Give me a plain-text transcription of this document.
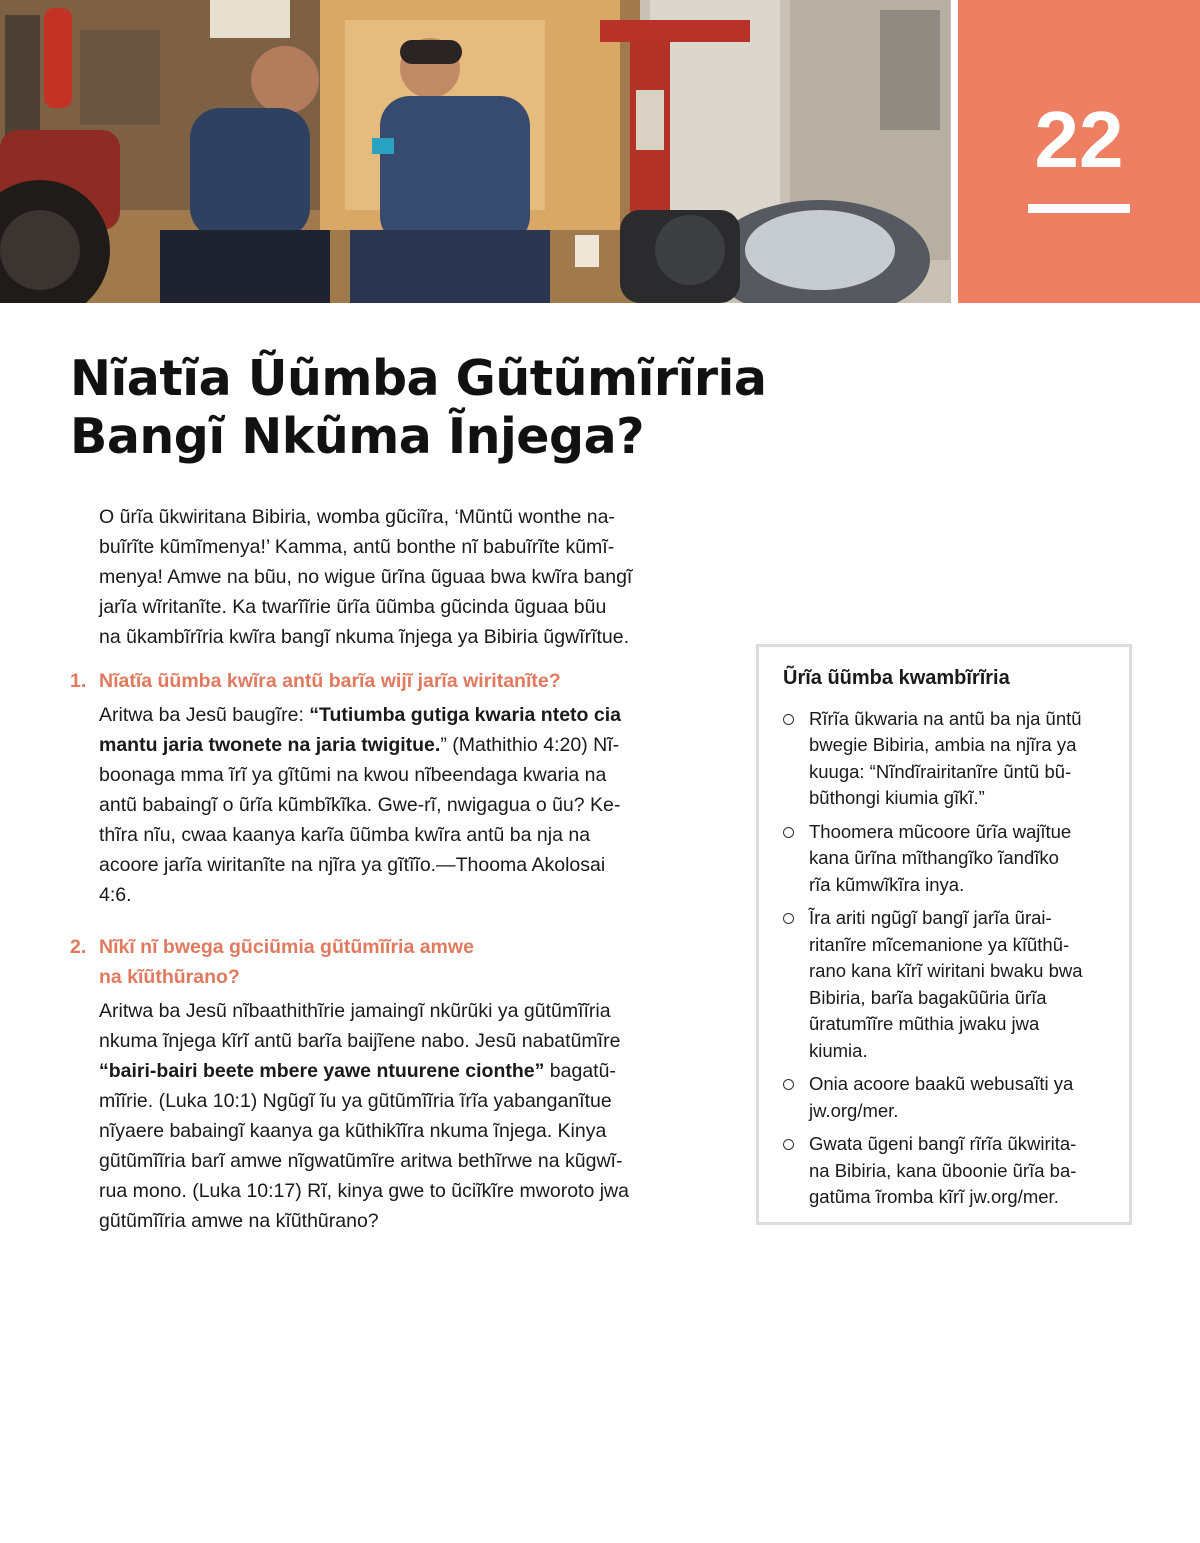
22
Nĩatĩa Ũũmba Gũtũmĩrĩria
Bangĩ Nkũma Ĩnjega?
O ũrĩa ũkwiritana Bibiria, womba gũciĩra, ‘Mũntũ wonthe na-
buĩrĩte kũmĩmenya!’ Kamma, antũ bonthe nĩ babuĩrĩte kũmĩ-
menya! Amwe na bũu, no wigue ũrĩna ũguaa bwa kwĩra bangĩ
jarĩa wĩritanĩte. Ka twarĩĩrie ũrĩa ũũmba gũcinda ũguaa bũu
na ũkambĩrĩria kwĩra bangĩ nkuma ĩnjega ya Bibiria ũgwĩrĩtue.
1. Nĩatĩa ũũmba kwĩra antũ barĩa wijĩ jarĩa wiritanĩte?
Aritwa ba Jesũ baugĩre: “Tutiumba gutiga kwaria nteto cia
mantu jaria twonete na jaria twigitue.” (Mathithio 4:20) Nĩ-
boonaga mma ĩrĩ ya gĩtũmi na kwou nĩbeendaga kwaria na
antũ babaingĩ o ũrĩa kũmbĩkĩka. Gwe-rĩ, nwigagua o ũu? Ke-
thĩra nĩu, cwaa kaanya karĩa ũũmba kwĩra antũ ba nja na
acoore jarĩa wiritanĩte na njĩra ya gĩtĩĩo.—Thooma Akolosai
4:6.
2. Nĩkĩ nĩ bwega gũciũmia gũtũmĩĩria amwe
na kĩũthũrano?
Aritwa ba Jesũ nĩbaathithĩrie jamaingĩ nkũrũki ya gũtũmĩĩria
nkuma ĩnjega kĩrĩ antũ barĩa baijĩene nabo. Jesũ nabatũmĩre
“bairi-bairi beete mbere yawe ntuurene cionthe” bagatũ-
mĩĩrie. (Luka 10:1) Ngũgĩ ĩu ya gũtũmĩĩria ĩrĩa yabanganĩtue
nĩyaere babaingĩ kaanya ga kũthikĩĩra nkuma ĩnjega. Kinya
gũtũmĩĩria barĩ amwe nĩgwatũmĩre aritwa bethĩrwe na kũgwĩ-
rua mono. (Luka 10:17) Rĩ, kinya gwe to ũciĩkĩre mworoto jwa
gũtũmĩĩria amwe na kĩũthũrano?
Ũrĩa ũũmba kwambĩrĩria
Rĩrĩa ũkwaria na antũ ba nja ũntũ
bwegie Bibiria, ambia na njĩra ya
kuuga: “Nĩndĩrairitanĩre ũntũ bũ-
bũthongi kiumia gĩkĩ.”
Thoomera mũcoore ũrĩa wajĩtue
kana ũrĩna mĩthangĩko ĩandĩko
rĩa kũmwĩkĩra inya.
Ĩra ariti ngũgĩ bangĩ jarĩa ũrai-
ritanĩre mĩcemanione ya kĩũthũ-
rano kana kĩrĩ wiritani bwaku bwa
Bibiria, barĩa bagakũũria ũrĩa
ũratumĩĩre mũthia jwaku jwa
kiumia.
Onia acoore baakũ webusaĩti ya
jw.org/mer.
Gwata ũgeni bangĩ rĩrĩa ũkwirita-
na Bibiria, kana ũboonie ũrĩa ba-
gatũma ĩromba kĩrĩ jw.org/mer.
